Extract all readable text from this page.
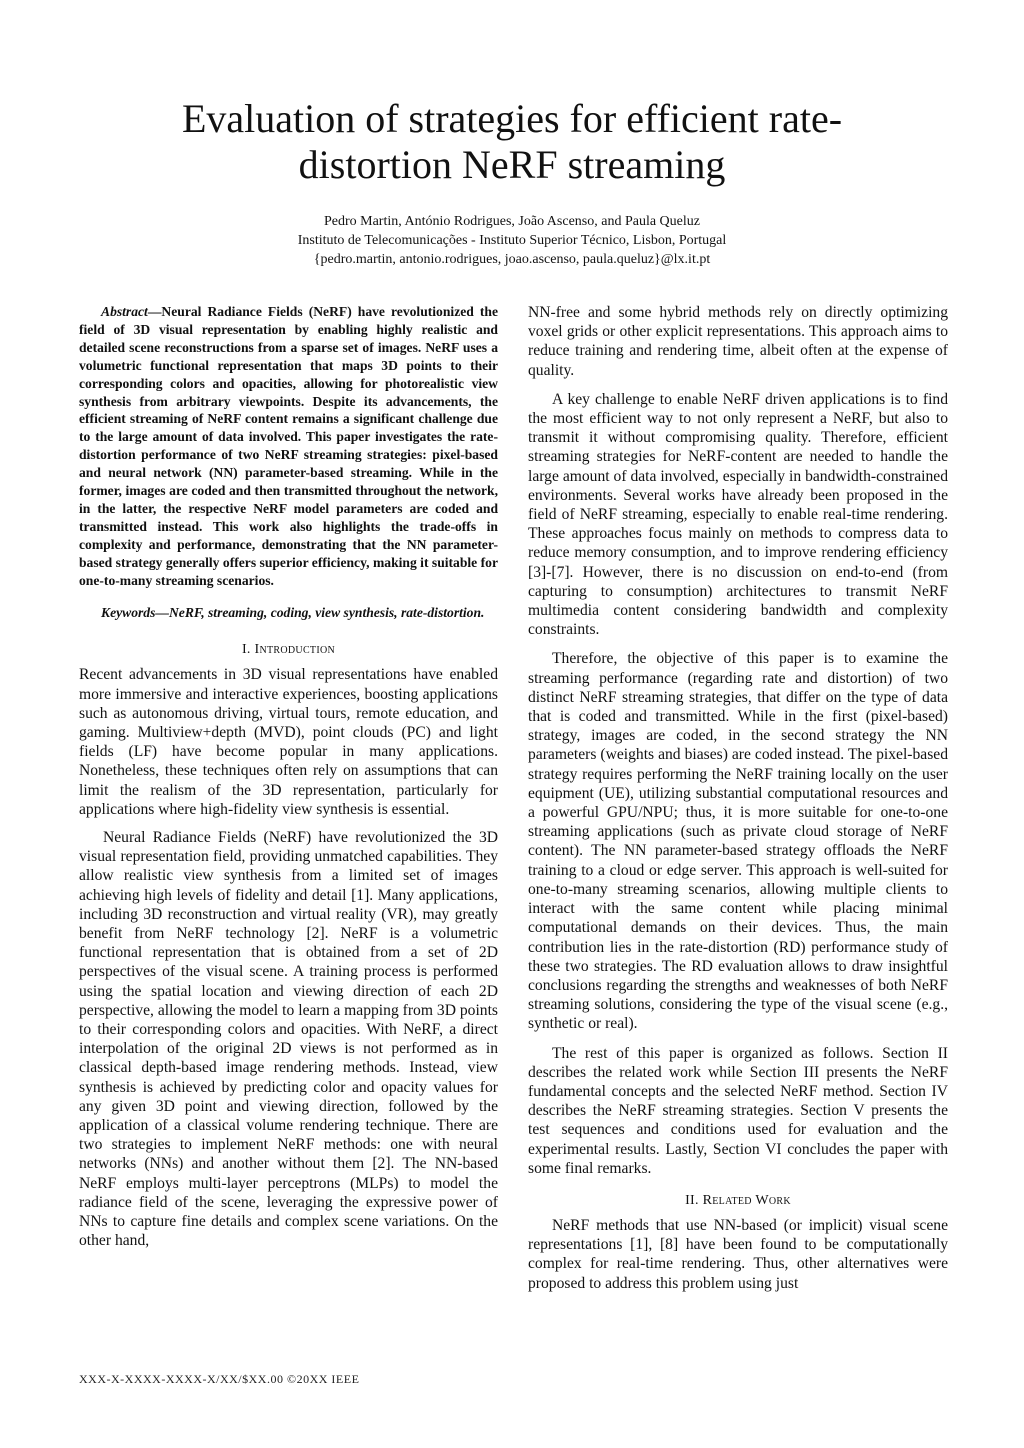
Evaluation of strategies for efficient rate-distortion NeRF streaming
Pedro Martin, António Rodrigues, João Ascenso, and Paula Queluz
Instituto de Telecomunicações - Instituto Superior Técnico, Lisbon, Portugal
{pedro.martin, antonio.rodrigues, joao.ascenso, paula.queluz}@lx.it.pt

Abstract—Neural Radiance Fields (NeRF) have revolutionized the field of 3D visual representation by enabling highly realistic and detailed scene reconstructions from a sparse set of images. NeRF uses a volumetric functional representation that maps 3D points to their corresponding colors and opacities, allowing for photorealistic view synthesis from arbitrary viewpoints. Despite its advancements, the efficient streaming of NeRF content remains a significant challenge due to the large amount of data involved. This paper investigates the rate-distortion performance of two NeRF streaming strategies: pixel-based and neural network (NN) parameter-based streaming. While in the former, images are coded and then transmitted throughout the network, in the latter, the respective NeRF model parameters are coded and transmitted instead. This work also highlights the trade-offs in complexity and performance, demonstrating that the NN parameter-based strategy generally offers superior efficiency, making it suitable for one-to-many streaming scenarios.

Keywords—NeRF, streaming, coding, view synthesis, rate-distortion.

I. Introduction

Recent advancements in 3D visual representations have enabled more immersive and interactive experiences, boosting applications such as autonomous driving, virtual tours, remote education, and gaming. Multiview+depth (MVD), point clouds (PC) and light fields (LF) have become popular in many applications. Nonetheless, these techniques often rely on assumptions that can limit the realism of the 3D representation, particularly for applications where high-fidelity view synthesis is essential.

Neural Radiance Fields (NeRF) have revolutionized the 3D visual representation field, providing unmatched capabilities. They allow realistic view synthesis from a limited set of images achieving high levels of fidelity and detail [1]. Many applications, including 3D reconstruction and virtual reality (VR), may greatly benefit from NeRF technology [2]. NeRF is a volumetric functional representation that is obtained from a set of 2D perspectives of the visual scene. A training process is performed using the spatial location and viewing direction of each 2D perspective, allowing the model to learn a mapping from 3D points to their corresponding colors and opacities. With NeRF, a direct interpolation of the original 2D views is not performed as in classical depth-based image rendering methods. Instead, view synthesis is achieved by predicting color and opacity values for any given 3D point and viewing direction, followed by the application of a classical volume rendering technique. There are two strategies to implement NeRF methods: one with neural networks (NNs) and another without them [2]. The NN-based NeRF employs multi-layer perceptrons (MLPs) to model the radiance field of the scene, leveraging the expressive power of NNs to capture fine details and complex scene variations. On the other hand,

NN-free and some hybrid methods rely on directly optimizing voxel grids or other explicit representations. This approach aims to reduce training and rendering time, albeit often at the expense of quality.

A key challenge to enable NeRF driven applications is to find the most efficient way to not only represent a NeRF, but also to transmit it without compromising quality. Therefore, efficient streaming strategies for NeRF-content are needed to handle the large amount of data involved, especially in bandwidth-constrained environments. Several works have already been proposed in the field of NeRF streaming, especially to enable real-time rendering. These approaches focus mainly on methods to compress data to reduce memory consumption, and to improve rendering efficiency [3]-[7]. However, there is no discussion on end-to-end (from capturing to consumption) architectures to transmit NeRF multimedia content considering bandwidth and complexity constraints.

Therefore, the objective of this paper is to examine the streaming performance (regarding rate and distortion) of two distinct NeRF streaming strategies, that differ on the type of data that is coded and transmitted. While in the first (pixel-based) strategy, images are coded, in the second strategy the NN parameters (weights and biases) are coded instead. The pixel-based strategy requires performing the NeRF training locally on the user equipment (UE), utilizing substantial computational resources and a powerful GPU/NPU; thus, it is more suitable for one-to-one streaming applications (such as private cloud storage of NeRF content). The NN parameter-based strategy offloads the NeRF training to a cloud or edge server. This approach is well-suited for one-to-many streaming scenarios, allowing multiple clients to interact with the same content while placing minimal computational demands on their devices. Thus, the main contribution lies in the rate-distortion (RD) performance study of these two strategies. The RD evaluation allows to draw insightful conclusions regarding the strengths and weaknesses of both NeRF streaming solutions, considering the type of the visual scene (e.g., synthetic or real).

The rest of this paper is organized as follows. Section II describes the related work while Section III presents the NeRF fundamental concepts and the selected NeRF method. Section IV describes the NeRF streaming strategies. Section V presents the test sequences and conditions used for evaluation and the experimental results. Lastly, Section VI concludes the paper with some final remarks.

II. Related Work

NeRF methods that use NN-based (or implicit) visual scene representations [1], [8] have been found to be computationally complex for real-time rendering. Thus, other alternatives were proposed to address this problem using just

XXX-X-XXXX-XXXX-X/XX/$XX.00 ©20XX IEEE
